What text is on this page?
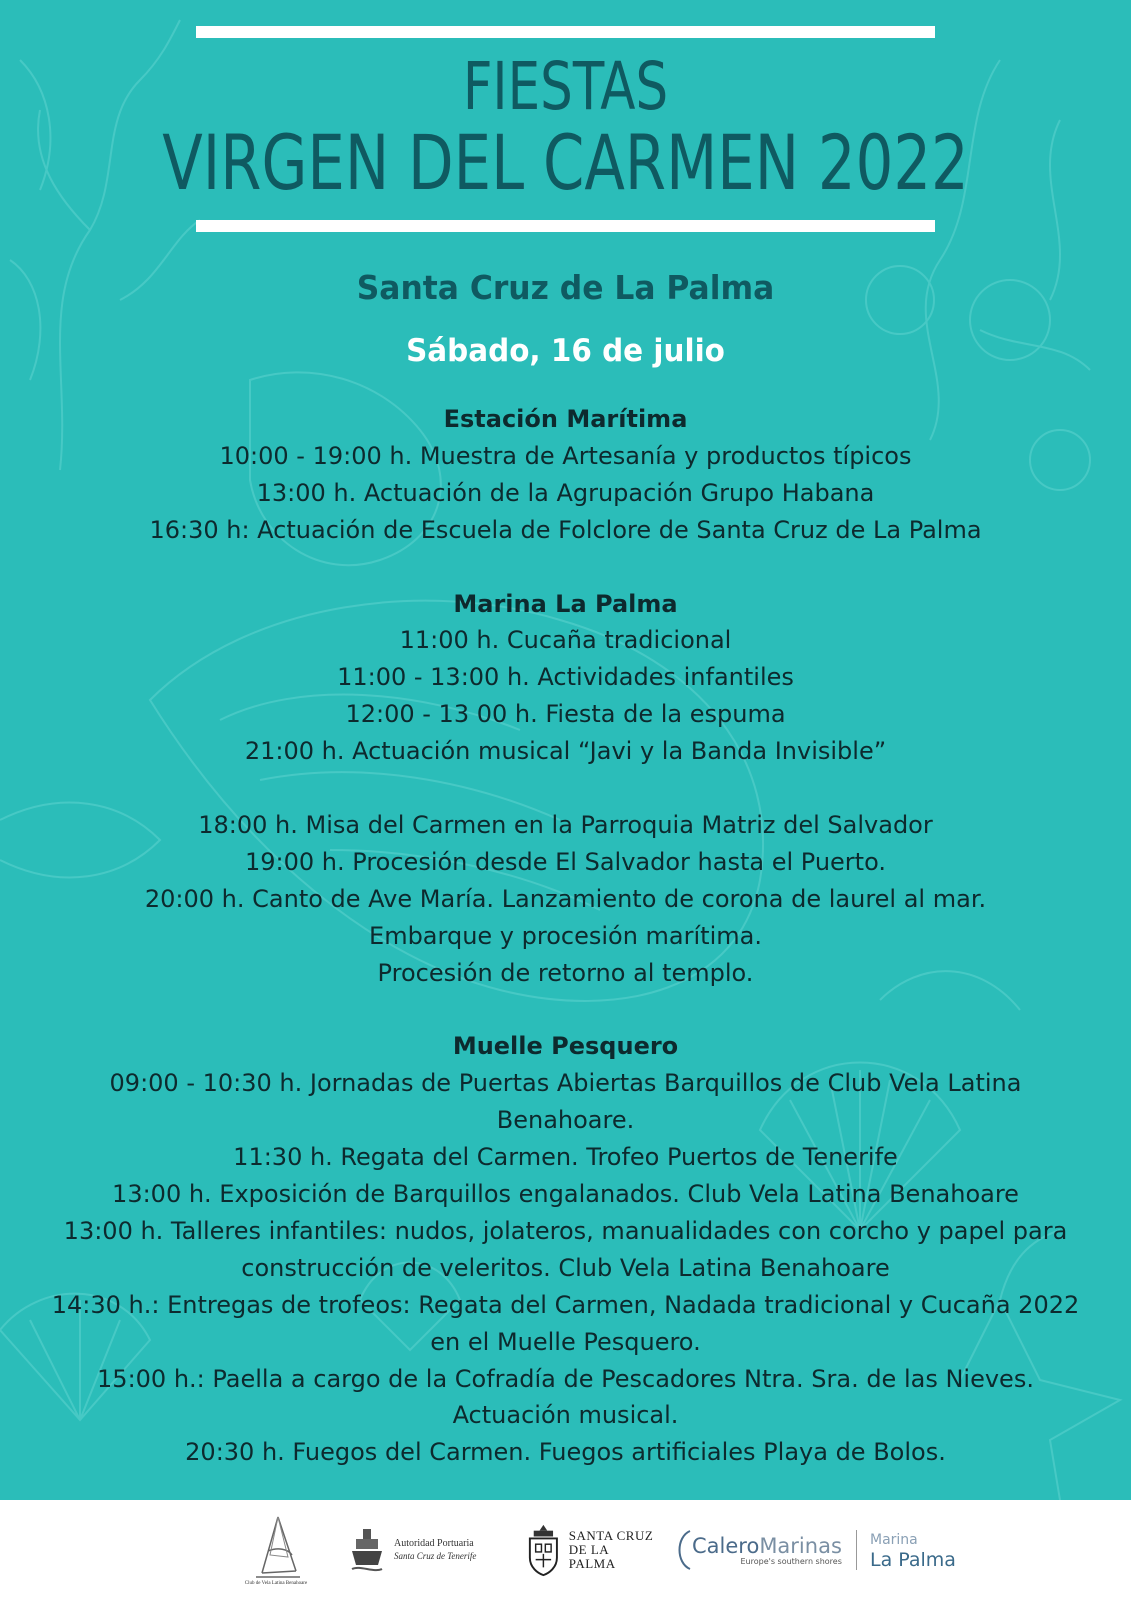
FIESTAS
VIRGEN DEL CARMEN 2022
Santa Cruz de La Palma
Sábado, 16 de julio
Estación Marítima
10:00 - 19:00 h. Muestra de Artesanía y productos típicos
13:00 h. Actuación de la Agrupación Grupo Habana
16:30 h: Actuación de Escuela de Folclore de Santa Cruz de La Palma
Marina La Palma
11:00 h. Cucaña tradicional
11:00 - 13:00 h. Actividades infantiles
12:00 - 13 00 h. Fiesta de la espuma
21:00 h. Actuación musical “Javi y la Banda Invisible”
18:00 h. Misa del Carmen en la Parroquia Matriz del Salvador
19:00 h. Procesión desde El Salvador hasta el Puerto.
20:00 h. Canto de Ave María. Lanzamiento de corona de laurel al mar.
Embarque y procesión marítima.
Procesión de retorno al templo.
Muelle Pesquero
09:00 - 10:30 h. Jornadas de Puertas Abiertas Barquillos de Club Vela Latina
Benahoare.
11:30 h. Regata del Carmen. Trofeo Puertos de Tenerife
13:00 h. Exposición de Barquillos engalanados. Club Vela Latina Benahoare
13:00 h. Talleres infantiles: nudos, jolateros, manualidades con corcho y papel para
construcción de veleritos. Club Vela Latina Benahoare
14:30 h.: Entregas de trofeos: Regata del Carmen, Nadada tradicional y Cucaña 2022
en el Muelle Pesquero.
15:00 h.: Paella a cargo de la Cofradía de Pescadores Ntra. Sra. de las Nieves.
Actuación musical.
20:30 h. Fuegos del Carmen. Fuegos artificiales Playa de Bolos.
Club de Vela Latina Benahoare
Autoridad Portuaria
Santa Cruz de Tenerife
SANTA CRUZ
DE LA PALMA
CaleroMarinas
Europe's southern shores
Marina
La Palma
